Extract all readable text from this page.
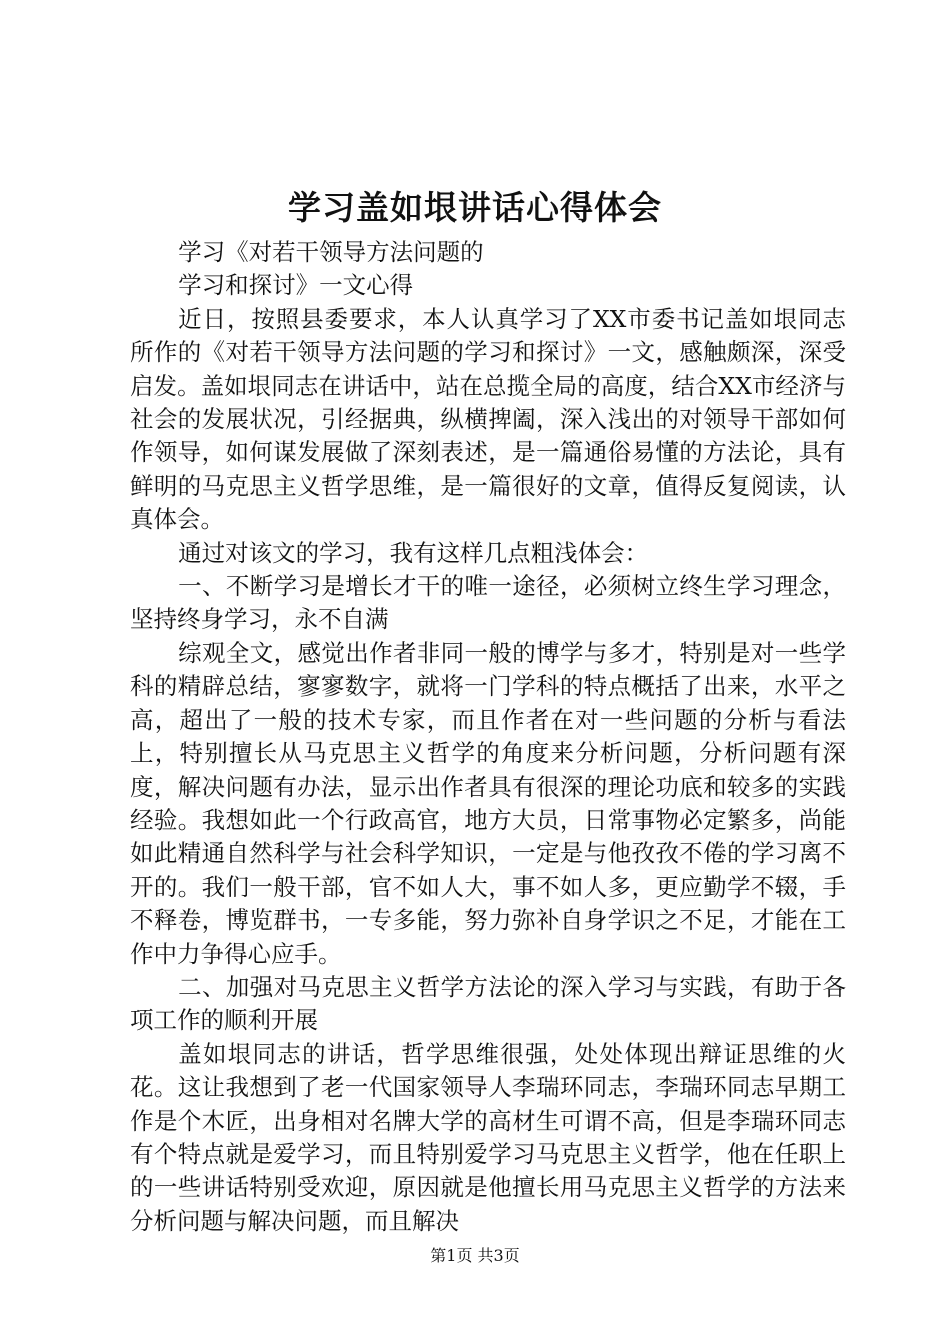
学习盖如垠讲话心得体会

学习《对若干领导方法问题的

学习和探讨》一文心得

近日，按照县委要求，本人认真学习了XX市委书记盖如垠同志所作的《对若干领导方法问题的学习和探讨》一文，感触颇深，深受启发。盖如垠同志在讲话中，站在总揽全局的高度，结合XX市经济与社会的发展状况，引经据典，纵横捭阖，深入浅出的对领导干部如何作领导，如何谋发展做了深刻表述，是一篇通俗易懂的方法论，具有鲜明的马克思主义哲学思维，是一篇很好的文章，值得反复阅读，认真体会。

通过对该文的学习，我有这样几点粗浅体会：

一、不断学习是增长才干的唯一途径，必须树立终生学习理念，坚持终身学习，永不自满

综观全文，感觉出作者非同一般的博学与多才，特别是对一些学科的精辟总结，寥寥数字，就将一门学科的特点概括了出来，水平之高，超出了一般的技术专家，而且作者在对一些问题的分析与看法上，特别擅长从马克思主义哲学的角度来分析问题，分析问题有深度，解决问题有办法，显示出作者具有很深的理论功底和较多的实践经验。我想如此一个行政高官，地方大员，日常事物必定繁多，尚能如此精通自然科学与社会科学知识，一定是与他孜孜不倦的学习离不开的。我们一般干部，官不如人大，事不如人多，更应勤学不辍，手不释卷，博览群书，一专多能，努力弥补自身学识之不足，才能在工作中力争得心应手。

二、加强对马克思主义哲学方法论的深入学习与实践，有助于各项工作的顺利开展

盖如垠同志的讲话，哲学思维很强，处处体现出辩证思维的火花。这让我想到了老一代国家领导人李瑞环同志，李瑞环同志早期工作是个木匠，出身相对名牌大学的高材生可谓不高，但是李瑞环同志有个特点就是爱学习，而且特别爱学习马克思主义哲学，他在任职上的一些讲话特别受欢迎，原因就是他擅长用马克思主义哲学的方法来分析问题与解决问题，而且解决

第1页 共3页
